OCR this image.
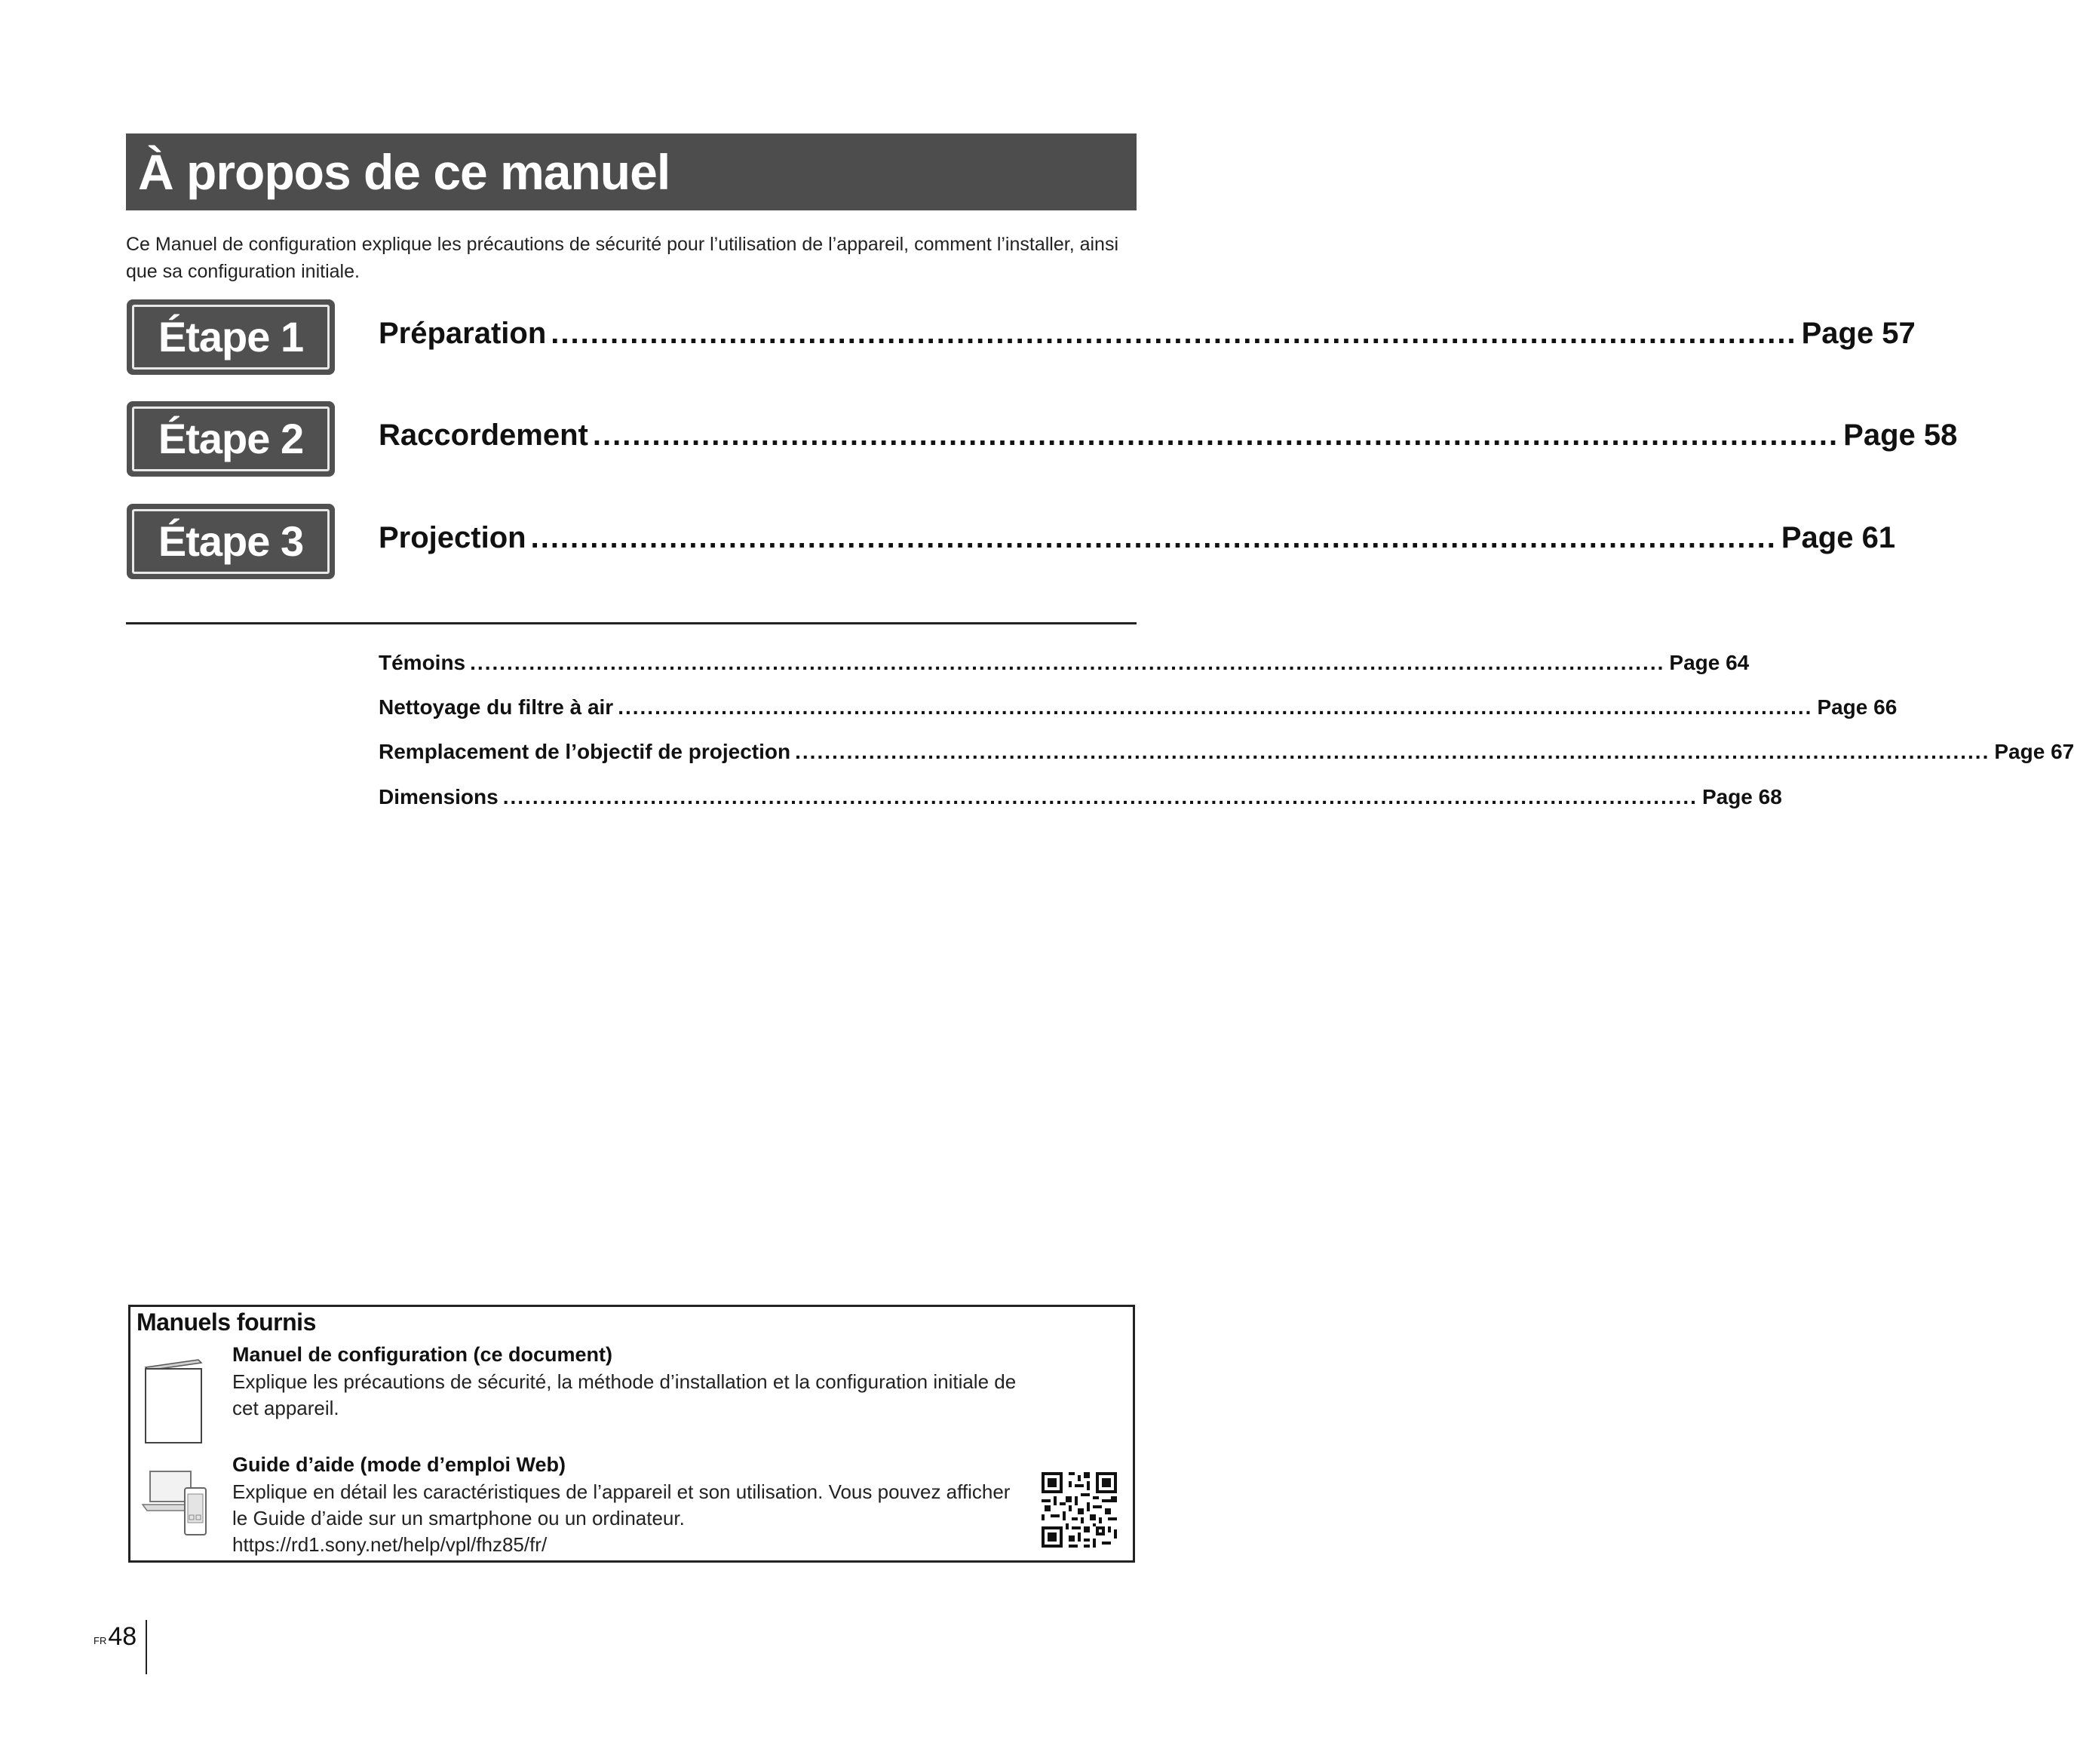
À propos de ce manuel
Ce Manuel de configuration explique les précautions de sécurité pour l’utilisation de l’appareil, comment l’installer, ainsi que sa configuration initiale.
Étape 1
Étape 2
Étape 3
Préparation .............................................................................................................................. Page 57
Raccordement .............................................................................................................................. Page 58
Projection .............................................................................................................................. Page 61
Témoins .................................................................................................................................................................. Page 64
Nettoyage du filtre à air .................................................................................................................................................................. Page 66
Remplacement de l’objectif de projection .................................................................................................................................................................. Page 67
Dimensions .................................................................................................................................................................. Page 68
Manuels fournis
Manuel de configuration (ce document)
Explique les précautions de sécurité, la méthode d’installation et la configuration initiale de cet appareil.
Guide d’aide (mode d’emploi Web)
Explique en détail les caractéristiques de l’appareil et son utilisation. Vous pouvez afficher le Guide d’aide sur un smartphone ou un ordinateur.
https://rd1.sony.net/help/vpl/fhz85/fr/
$^{FR}$48
